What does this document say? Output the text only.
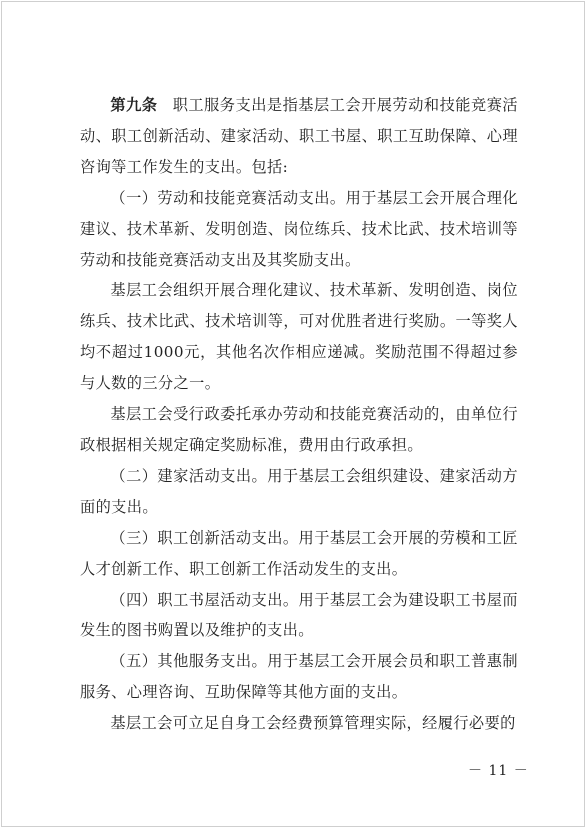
第九条 职工服务支出是指基层工会开展劳动和技能竞赛活动、职工创新活动、建家活动、职工书屋、职工互助保障、心理咨询等工作发生的支出。包括:

（一）劳动和技能竞赛活动支出。用于基层工会开展合理化建议、技术革新、发明创造、岗位练兵、技术比武、技术培训等劳动和技能竞赛活动支出及其奖励支出。

基层工会组织开展合理化建议、技术革新、发明创造、岗位练兵、技术比武、技术培训等，可对优胜者进行奖励。一等奖人均不超过1000元，其他名次作相应递减。奖励范围不得超过参与人数的三分之一。

基层工会受行政委托承办劳动和技能竞赛活动的，由单位行政根据相关规定确定奖励标准，费用由行政承担。

（二）建家活动支出。用于基层工会组织建设、建家活动方面的支出。

（三）职工创新活动支出。用于基层工会开展的劳模和工匠人才创新工作、职工创新工作活动发生的支出。

（四）职工书屋活动支出。用于基层工会为建设职工书屋而发生的图书购置以及维护的支出。

（五）其他服务支出。用于基层工会开展会员和职工普惠制服务、心理咨询、互助保障等其他方面的支出。

基层工会可立足自身工会经费预算管理实际，经履行必要的

－ 11 －
